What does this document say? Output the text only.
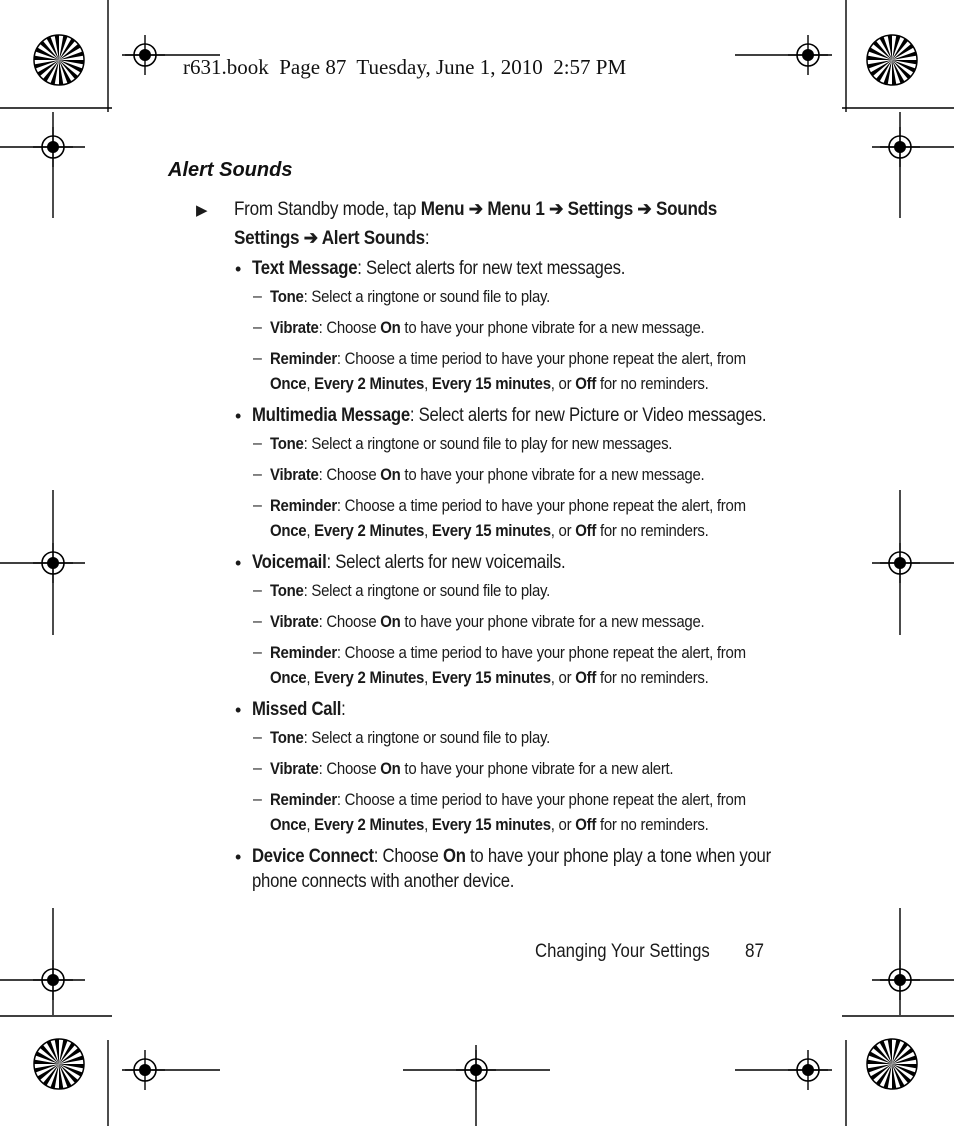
r631.book  Page 87  Tuesday, June 1, 2010  2:57 PM
Alert Sounds
▶ From Standby mode, tap Menu ➔ Menu 1 ➔ Settings ➔ Sounds Settings ➔ Alert Sounds:
• Text Message: Select alerts for new text messages.
– Tone: Select a ringtone or sound file to play.
– Vibrate: Choose On to have your phone vibrate for a new message.
– Reminder: Choose a time period to have your phone repeat the alert, from
Once, Every 2 Minutes, Every 15 minutes, or Off for no reminders.
• Multimedia Message: Select alerts for new Picture or Video messages.
– Tone: Select a ringtone or sound file to play for new messages.
– Vibrate: Choose On to have your phone vibrate for a new message.
– Reminder: Choose a time period to have your phone repeat the alert, from
Once, Every 2 Minutes, Every 15 minutes, or Off for no reminders.
• Voicemail: Select alerts for new voicemails.
– Tone: Select a ringtone or sound file to play.
– Vibrate: Choose On to have your phone vibrate for a new message.
– Reminder: Choose a time period to have your phone repeat the alert, from
Once, Every 2 Minutes, Every 15 minutes, or Off for no reminders.
• Missed Call:
– Tone: Select a ringtone or sound file to play.
– Vibrate: Choose On to have your phone vibrate for a new alert.
– Reminder: Choose a time period to have your phone repeat the alert, from
Once, Every 2 Minutes, Every 15 minutes, or Off for no reminders.
• Device Connect: Choose On to have your phone play a tone when your
phone connects with another device.
Changing Your Settings 87
